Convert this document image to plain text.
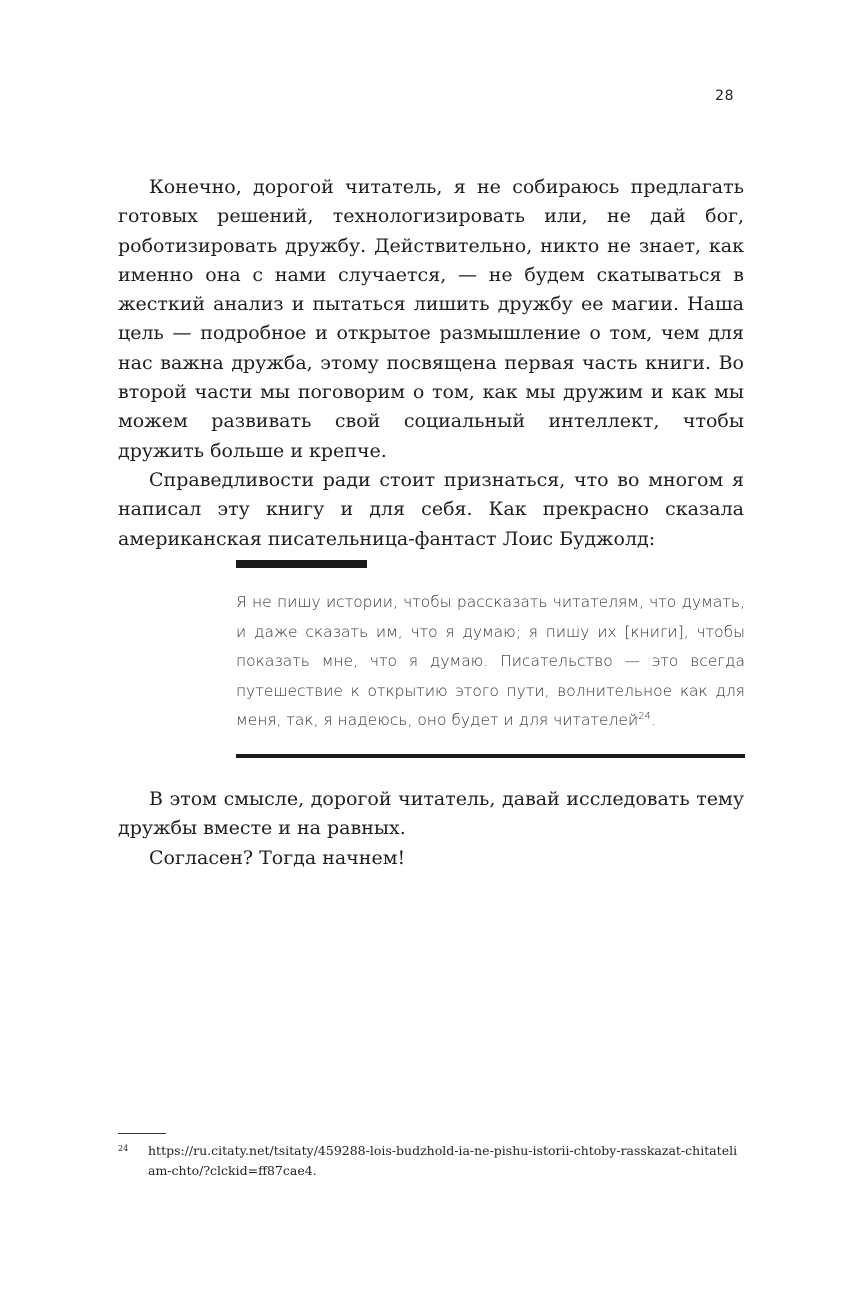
28

Конечно, дорогой читатель, я не собираюсь предлагать готовых решений, технологизировать или, не дай бог, роботизировать дружбу. Действительно, никто не знает, как именно она с нами случается, — не будем скатываться в жесткий анализ и пытаться лишить дружбу ее магии. Наша цель — подробное и открытое размышление о том, чем для нас важна дружба, этому посвящена первая часть книги. Во второй части мы поговорим о том, как мы дружим и как мы можем развивать свой социальный интеллект, чтобы дружить больше и крепче.

Справедливости ради стоит признаться, что во многом я написал эту книгу и для себя. Как прекрасно сказала американская писательница-фантаст Лоис Буджолд:

Я не пишу истории, чтобы рассказать читателям, что думать, и даже сказать им, что я думаю; я пишу их [книги], чтобы показать мне, что я думаю. Писательство — это всегда путешествие к открытию этого пути, волнительное как для меня, так, я надеюсь, оно будет и для читателей$^{24}$.

В этом смысле, дорогой читатель, давай исследовать тему дружбы вместе и на равных.

Согласен? Тогда начнем!

24 https://ru.citaty.net/tsitaty/459288-lois-budzhold-ia-ne-pishu-istorii-chtoby-rasskazat-chitateliam-chto/?clckid=ff87cae4.
